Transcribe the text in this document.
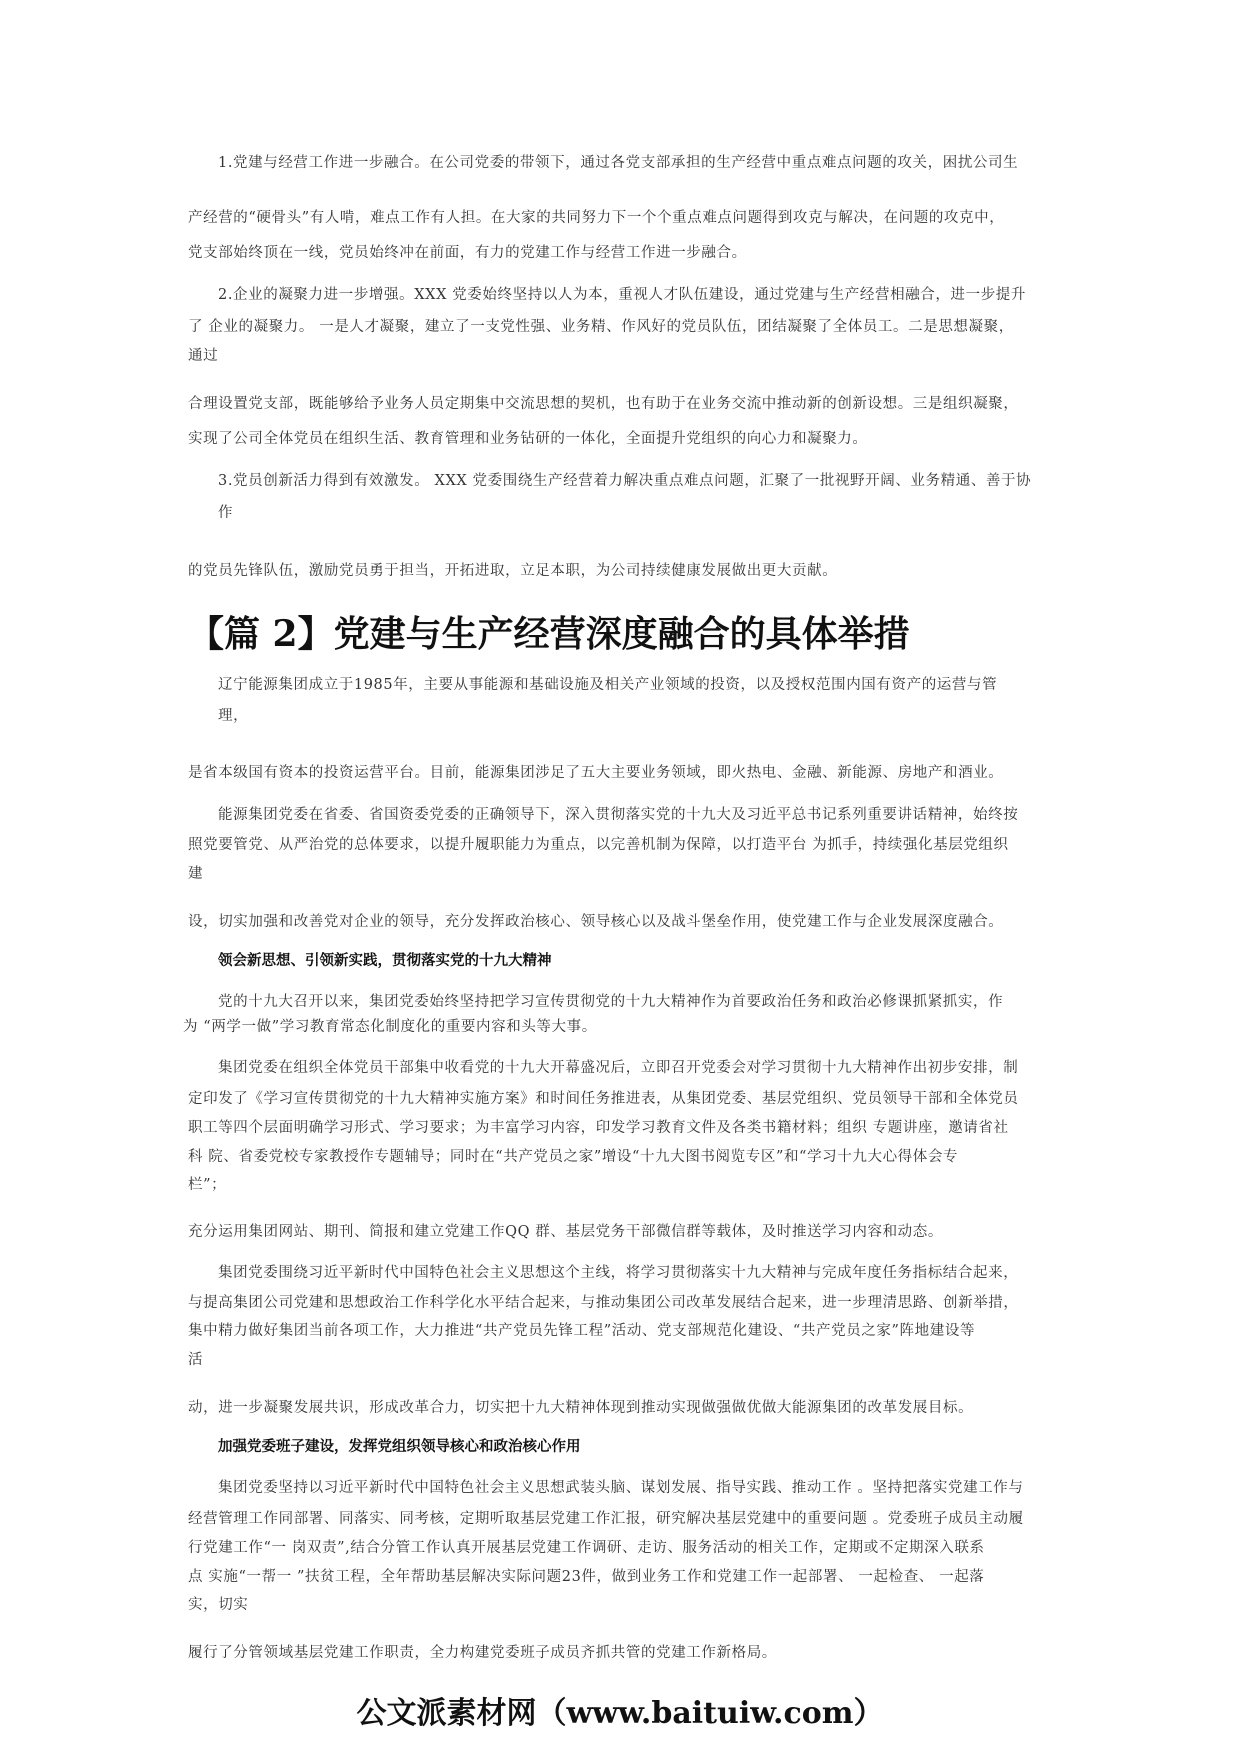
1.党建与经营工作进一步融合。在公司党委的带领下，通过各党支部承担的生产经营中重点难点问题的攻关，困扰公司生
产经营的“硬骨头”有人啃，难点工作有人担。在大家的共同努力下一个个重点难点问题得到攻克与解决，在问题的攻克中，
党支部始终顶在一线，党员始终冲在前面，有力的党建工作与经营工作进一步融合。
2.企业的凝聚力进一步增强。XXX 党委始终坚持以人为本，重视人才队伍建设，通过党建与生产经营相融合，进一步提升
了 企业的凝聚力。 一是人才凝聚，建立了一支党性强、业务精、作风好的党员队伍，团结凝聚了全体员工。二是思想凝聚，
通过
合理设置党支部，既能够给予业务人员定期集中交流思想的契机，也有助于在业务交流中推动新的创新设想。三是组织凝聚，
实现了公司全体党员在组织生活、教育管理和业务钻研的一体化，全面提升党组织的向心力和凝聚力。
3.党员创新活力得到有效激发。 XXX 党委围绕生产经营着力解决重点难点问题，汇聚了一批视野开阔、业务精通、善于协
作
的党员先锋队伍，激励党员勇于担当，开拓进取，立足本职，为公司持续健康发展做出更大贡献。
【篇 2】党建与生产经营深度融合的具体举措
辽宁能源集团成立于1985年，主要从事能源和基础设施及相关产业领域的投资，以及授权范围内国有资产的运营与管
理，
是省本级国有资本的投资运营平台。目前，能源集团涉足了五大主要业务领域，即火热电、金融、新能源、房地产和酒业。
能源集团党委在省委、省国资委党委的正确领导下，深入贯彻落实党的十九大及习近平总书记系列重要讲话精神，始终按
照党要管党、从严治党的总体要求，以提升履职能力为重点，以完善机制为保障，以打造平台 为抓手，持续强化基层党组织
建
设，切实加强和改善党对企业的领导，充分发挥政治核心、领导核心以及战斗堡垒作用，使党建工作与企业发展深度融合。
领会新思想、引领新实践，贯彻落实党的十九大精神
党的十九大召开以来，集团党委始终坚持把学习宣传贯彻党的十九大精神作为首要政治任务和政治必修课抓紧抓实，作
为 “两学一做”学习教育常态化制度化的重要内容和头等大事。
集团党委在组织全体党员干部集中收看党的十九大开幕盛况后，立即召开党委会对学习贯彻十九大精神作出初步安排，制
定印发了《学习宣传贯彻党的十九大精神实施方案》和时间任务推进表，从集团党委、基层党组织、党员领导干部和全体党员
职工等四个层面明确学习形式、学习要求；为丰富学习内容，印发学习教育文件及各类书籍材料；组织 专题讲座，邀请省社
科 院、省委党校专家教授作专题辅导；同时在“共产党员之家”增设“十九大图书阅览专区”和“学习十九大心得体会专
栏”；
充分运用集团网站、期刊、简报和建立党建工作QQ 群、基层党务干部微信群等载体，及时推送学习内容和动态。
集团党委围绕习近平新时代中国特色社会主义思想这个主线，将学习贯彻落实十九大精神与完成年度任务指标结合起来，
与提高集团公司党建和思想政治工作科学化水平结合起来，与推动集团公司改革发展结合起来，进一步理清思路、创新举措，
集中精力做好集团当前各项工作，大力推进“共产党员先锋工程”活动、党支部规范化建设、“共产党员之家”阵地建设等
活
动，进一步凝聚发展共识，形成改革合力，切实把十九大精神体现到推动实现做强做优做大能源集团的改革发展目标。
加强党委班子建设，发挥党组织领导核心和政治核心作用
集团党委坚持以习近平新时代中国特色社会主义思想武装头脑、谋划发展、指导实践、推动工作 。坚持把落实党建工作与
经营管理工作同部署、同落实、同考核，定期听取基层党建工作汇报，研究解决基层党建中的重要问题 。党委班子成员主动履
行党建工作“一 岗双责”,结合分管工作认真开展基层党建工作调研、走访、服务活动的相关工作，定期或不定期深入联系
点 实施“一帮一 ”扶贫工程，全年帮助基层解决实际问题23件，做到业务工作和党建工作一起部署、 一起检查、 一起落
实，切实
履行了分管领域基层党建工作职责，全力构建党委班子成员齐抓共管的党建工作新格局。
公文派素材网（www.baituiw.com）
